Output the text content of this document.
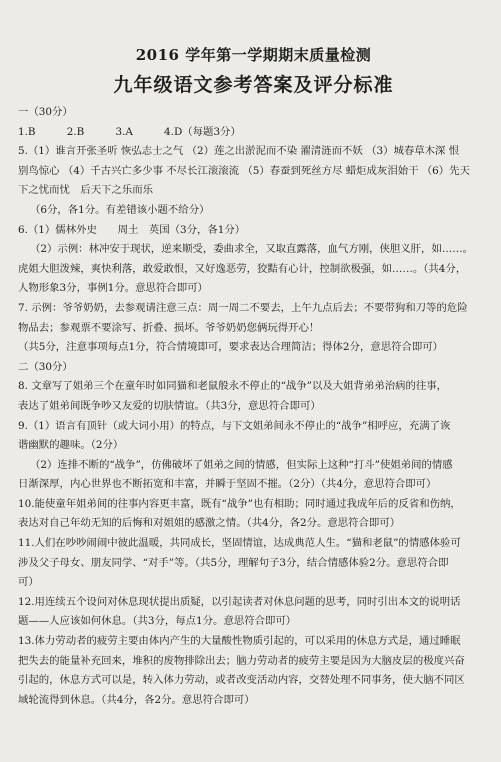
2016 学年第一学期期末质量检测
九年级语文参考答案及评分标准

一（30分）

1.B　　　2.B　　　3.A　　　4.D（每题3分）

5.（1）谁言开张圣听 恢弘志士之气 （2）莲之出淤泥而不染 濯清涟而不妖 （3）城春草木深 恨

别鸟惊心 （4）千古兴亡多少事 不尽长江滚滚流 （5）春蚕到死丝方尽 蜡炬成灰泪始干 （6）先天

下之忧而忧　后天下之乐而乐

（6分，各1分。有差错该小题不给分）

6.（1）儒林外史　　周土　英国（3分，各1分）

（2）示例：林冲安于现状，逆来顺受，委曲求全，又取直露落，血气方刚，侠胆义肝，如……。

虎姐大胆泼辣，爽快利落，敢爱敢恨，又好逸恶劳，狡黠有心计，控制欲极强，如……。（共4分，

人物形象3分，事例1分。意思符合即可）

7. 示例：爷爷奶奶，去参观请注意三点：周一周二不要去，上午九点后去；不要带狗和刀等的危险

物品去；参观票不要涂写、折叠、损坏。爷爷奶奶您俩玩得开心！

（共5分，注意事项每点1分，符合情境即可，要求表达合理简洁；得体2分，意思符合即可）

二（30分）

8. 文章写了姐弟三个在童年时如同猫和老鼠般永不停止的“战争”以及大姐背弟弟治病的往事，

表达了姐弟间既争吵又友爱的切肤情谊。（共3分，意思符合即可）

9.（1）语言有顶针（或大词小用）的特点，与下文姐弟间永不停止的“战争”相呼应，充满了诙

谐幽默的趣味。（2分）

（2）连排不断的“战争”，仿佛破坏了姐弟之间的情感，但实际上这种“打斗”使姐弟间的情感

日渐深厚，内心世界也不断拓宽和丰富，并瞬于坚固不摧。（2分）（共4分，意思符合即可）

10.能使童年姐弟间的往事内容更丰富，既有“战争”也有相助；同时通过我成年后的反省和伤纳，

表达对自己年幼无知的后悔和对姐姐的感激之情。（共4分，各2分。意思符合即可）

11.人们在吵吵闹闹中彼此温暖，共同成长，坚固情谊，达成典范人生。“猫和老鼠”的情感体验可

涉及父子母女、朋友同学、“对手”等。（共5分，理解句子3分，结合情感体验2分。意思符合即

可）

12.用连续五个设问对休息现状提出质疑，以引起读者对休息问题的思考，同时引出本文的说明话

题——人应该如何休息。（共3分，每点1分。意思符合即可）

13.体力劳动者的疲劳主要由体内产生的大量酸性物质引起的，可以采用的休息方式是，通过睡眠

把失去的能量补充回来，堆积的废物排除出去；脑力劳动者的疲劳主要是因为大脑皮层的极度兴奋

引起的，休息方式可以是，转入体力劳动，或者改变活动内容，交替处理不同事务，使大脑不同区

域轮流得到休息。（共4分，各2分。意思符合即可）
